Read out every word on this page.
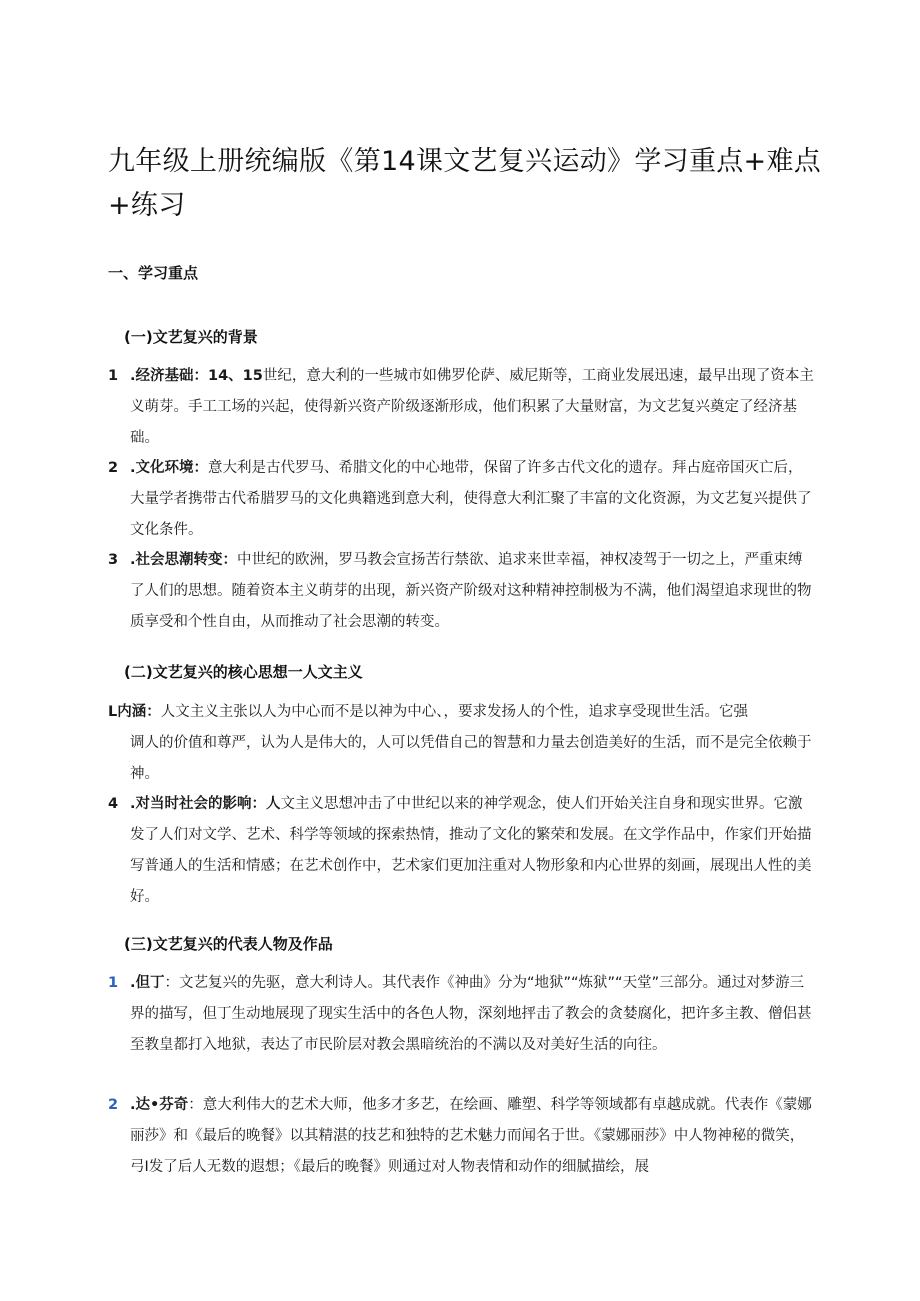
九年级上册统编版《第14课文艺复兴运动》学习重点+难点+练习
一、学习重点
(一)文艺复兴的背景

1 .经济基础：14、15世纪，意大利的一些城市如佛罗伦萨、威尼斯等，工商业发展迅速，最早出现了资本主义萌芽。手工工场的兴起，使得新兴资产阶级逐渐形成，他们积累了大量财富，为文艺复兴奠定了经济基础。

2 .文化环境：意大利是古代罗马、希腊文化的中心地带，保留了许多古代文化的遗存。拜占庭帝国灭亡后，大量学者携带古代希腊罗马的文化典籍逃到意大利，使得意大利汇聚了丰富的文化资源，为文艺复兴提供了文化条件。

3 .社会思潮转变：中世纪的欧洲，罗马教会宣扬苦行禁欲、追求来世幸福，神权凌驾于一切之上，严重束缚了人们的思想。随着资本主义萌芽的出现，新兴资产阶级对这种精神控制极为不满，他们渴望追求现世的物质享受和个性自由，从而推动了社会思潮的转变。

(二)文艺复兴的核心思想一人文主义

L内涵：人文主义主张以人为中心而不是以神为中心、，要求发扬人的个性，追求享受现世生活。它强
调人的价值和尊严，认为人是伟大的，人可以凭借自己的智慧和力量去创造美好的生活，而不是完全依赖于神。

4 .对当时社会的影响：人文主义思想冲击了中世纪以来的神学观念，使人们开始关注自身和现实世界。它激发了人们对文学、艺术、科学等领域的探索热情，推动了文化的繁荣和发展。在文学作品中，作家们开始描写普通人的生活和情感；在艺术创作中，艺术家们更加注重对人物形象和内心世界的刻画，展现出人性的美好。

(三)文艺复兴的代表人物及作品

1 .但丁：文艺复兴的先驱，意大利诗人。其代表作《神曲》分为“地狱”“炼狱”“天堂”三部分。通过对梦游三界的描写，但丁生动地展现了现实生活中的各色人物，深刻地抨击了教会的贪婪腐化，把许多主教、僧侣甚至教皇都打入地狱，表达了市民阶层对教会黑暗统治的不满以及对美好生活的向往。

2 .达•芬奇：意大利伟大的艺术大师，他多才多艺，在绘画、雕塑、科学等领域都有卓越成就。代表作《蒙娜丽莎》和《最后的晚餐》以其精湛的技艺和独特的艺术魅力而闻名于世。《蒙娜丽莎》中人物神秘的微笑，弓I发了后人无数的遐想；《最后的晚餐》则通过对人物表情和动作的细腻描绘，展
